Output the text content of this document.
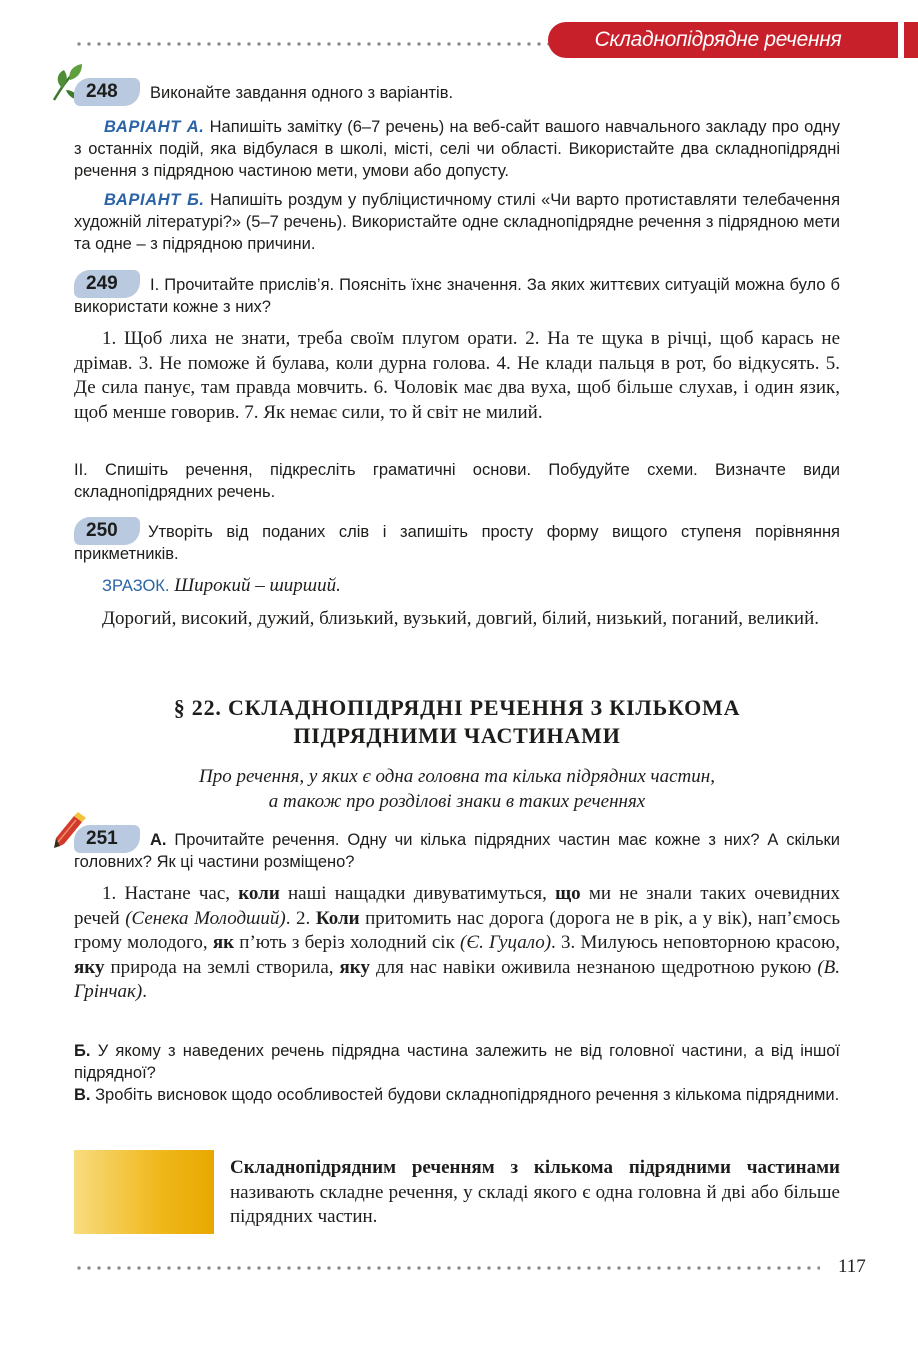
Складнопідрядне речення
248	Виконайте завдання одного з варіантів.
ВАРІАНТ А. Напишіть замітку (6–7 речень) на веб-сайт вашого навчального закладу про одну з останніх подій, яка відбулася в школі, місті, селі чи області. Використайте два складнопідрядні речення з підрядною частиною мети, умови або допусту.
ВАРІАНТ Б. Напишіть роздум у публіцистичному стилі «Чи варто протиставляти телебачення художній літературі?» (5–7 речень). Використайте одне складнопідрядне речення з підрядною мети та одне – з підрядною причини.
249	І. Прочитайте прислів’я. Поясніть їхнє значення. За яких життєвих ситуацій можна було б використати кожне з них?
1. Щоб лиха не знати, треба своїм плугом орати. 2. На те щука в річці, щоб карась не дрімав. 3. Не поможе й булава, коли дурна голова. 4. Не клади пальця в рот, бо відкусять. 5. Де сила панує, там правда мовчить. 6. Чоловік має два вуха, щоб більше слухав, і один язик, щоб менше говорив. 7. Як немає сили, то й світ не милий.
ІІ. Спишіть речення, підкресліть граматичні основи. Побудуйте схеми. Визначте види складнопідрядних речень.
250	Утворіть від поданих слів і запишіть просту форму вищого ступеня порівняння прикметників.
ЗРАЗОК. Широкий – ширший.
Дорогий, високий, дужий, близький, вузький, довгий, білий, низький, поганий, великий.
§ 22. СКЛАДНОПІДРЯДНІ РЕЧЕННЯ З КІЛЬКОМА
ПІДРЯДНИМИ ЧАСТИНАМИ
Про речення, у яких є одна головна та кілька підрядних частин,
а також про розділові знаки в таких реченнях
251	А. Прочитайте речення. Одну чи кілька підрядних частин має кожне з них? А скільки головних? Як ці частини розміщено?
1. Настане час, коли наші нащадки дивуватимуться, що ми не знали таких очевидних речей (Сенека Молодший). 2. Коли притомить нас дорога (дорога не в рік, а у вік), нап’ємось грому молодого, як п’ють з беріз холодний сік (Є. Гуцало). 3. Милуюсь неповторною красою, яку природа на землі створила, яку для нас навіки оживила незнаною щедротною рукою (В. Грінчак).
Б. У якому з наведених речень підрядна частина залежить не від головної частини, а від іншої підрядної?
В. Зробіть висновок щодо особливостей будови складнопідрядного речення з кількома підрядними.
Складнопідрядним реченням з кількома підрядними частинами називають складне речення, у складі якого є одна головна й дві або більше підрядних частин.
117
